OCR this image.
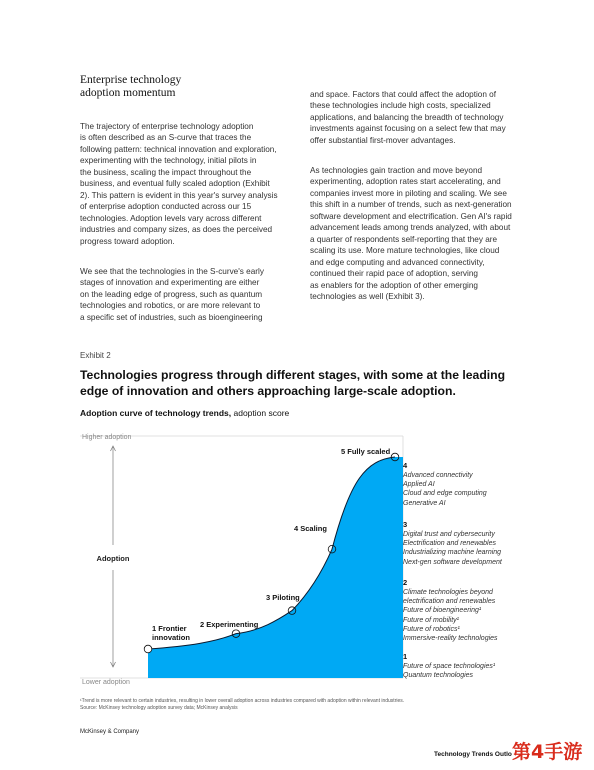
Enterprise technology
adoption momentum

The trajectory of enterprise technology adoption
is often described as an S-curve that traces the
following pattern: technical innovation and exploration,
experimenting with the technology, initial pilots in
the business, scaling the impact throughout the
business, and eventual fully scaled adoption (Exhibit
2). This pattern is evident in this year's survey analysis
of enterprise adoption conducted across our 15
technologies. Adoption levels vary across different
industries and company sizes, as does the perceived
progress toward adoption.

We see that the technologies in the S-curve's early
stages of innovation and experimenting are either
on the leading edge of progress, such as quantum
technologies and robotics, or are more relevant to
a specific set of industries, such as bioengineering

and space. Factors that could affect the adoption of
these technologies include high costs, specialized
applications, and balancing the breadth of technology
investments against focusing on a select few that may
offer substantial first-mover advantages.

As technologies gain traction and move beyond
experimenting, adoption rates start accelerating, and
companies invest more in piloting and scaling. We see
this shift in a number of trends, such as next-generation
software development and electrification. Gen AI's rapid
advancement leads among trends analyzed, with about
a quarter of respondents self-reporting that they are
scaling its use. More mature technologies, like cloud
and edge computing and advanced connectivity,
continued their rapid pace of adoption, serving
as enablers for the adoption of other emerging
technologies as well (Exhibit 3).

Exhibit 2
Technologies progress through different stages, with some at the leading edge of innovation and others approaching large-scale adoption.
Adoption curve of technology trends, adoption score
Higher adoption
Lower adoption
Adoption
1 Frontier
innovation
2 Experimenting
3 Piloting
4 Scaling
5 Fully scaled
4
Advanced connectivity
Applied AI
Cloud and edge computing
Generative AI
3
Digital trust and cybersecurity
Electrification and renewables
Industrializing machine learning
Next-gen software development
2
Climate technologies beyond
electrification and renewables
Future of bioengineering¹
Future of mobility¹
Future of robotics¹
Immersive-reality technologies
1
Future of space technologies¹
Quantum technologies
¹Trend is more relevant to certain industries, resulting in lower overall adoption across industries compared with adoption within relevant industries.
Source: McKinsey technology adoption survey data; McKinsey analysis
McKinsey & Company
Technology Trends Outlo 第4手游
